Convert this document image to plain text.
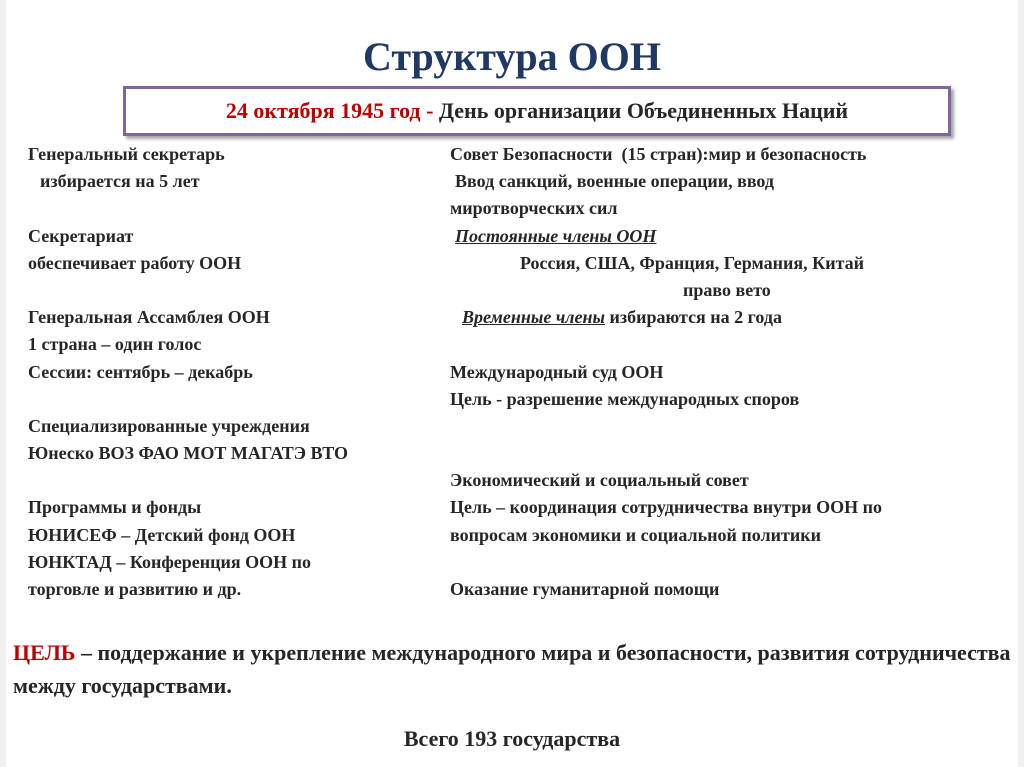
Структура ООН
24 октября 1945 год - День организации Объединенных Наций
Генеральный секретарь
избирается на 5 лет
Секретариат
обеспечивает работу ООН
Генеральная Ассамблея ООН
1 страна – один голос
Сессии: сентябрь – декабрь
Специализированные учреждения
Юнеско ВОЗ ФАО МОТ МАГАТЭ ВТО
Программы и фонды
ЮНИСЕФ – Детский фонд ООН
ЮНКТАД – Конференция ООН по
торговле и развитию и др.
Совет Безопасности  (15 стран):мир и безопасность
Ввод санкций, военные операции, ввод
миротворческих сил
Постоянные члены ООН
Россия, США, Франция, Германия, Китай
право вето
Временные члены избираются на 2 года
Международный суд ООН
Цель - разрешение международных споров
Экономический и социальный совет
Цель – координация сотрудничества внутри ООН по
вопросам экономики и социальной политики
Оказание гуманитарной помощи
ЦЕЛЬ – поддержание и укрепление международного мира и безопасности, развития сотрудничества между государствами.
Всего 193 государства
